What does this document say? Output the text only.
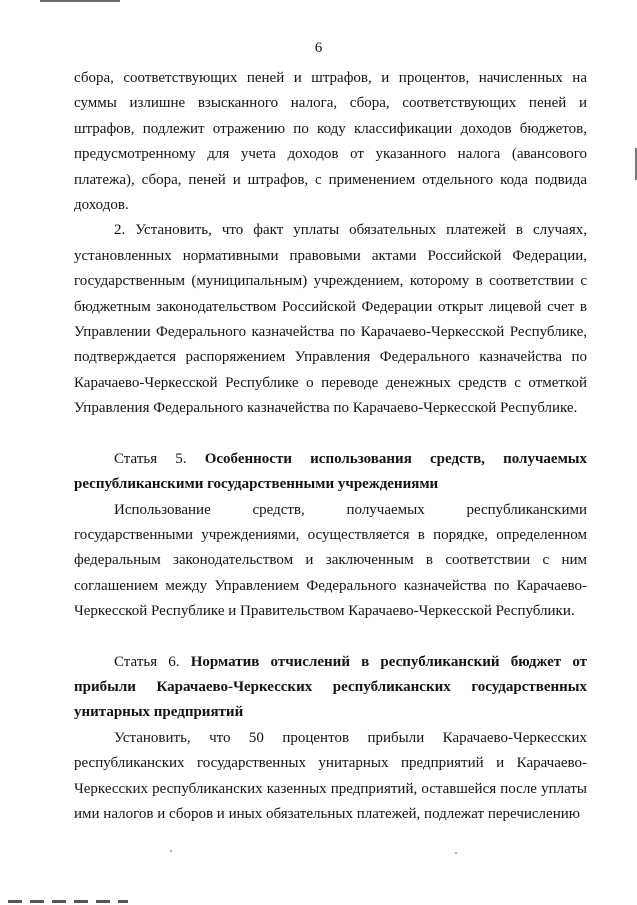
6

сбора, соответствующих пеней и штрафов, и процентов, начисленных на суммы излишне взысканного налога, сбора, соответствующих пеней и штрафов, подлежит отражению по коду классификации доходов бюджетов, предусмотренному для учета доходов от указанного налога (авансового платежа), сбора, пеней и штрафов, с применением отдельного кода подвида доходов.

2. Установить, что факт уплаты обязательных платежей в случаях, установленных нормативными правовыми актами Российской Федерации, государственным (муниципальным) учреждением, которому в соответствии с бюджетным законодательством Российской Федерации открыт лицевой счет в Управлении Федерального казначейства по Карачаево-Черкесской Республике, подтверждается распоряжением Управления Федерального казначейства по Карачаево-Черкесской Республике о переводе денежных средств с отметкой Управления Федерального казначейства по Карачаево-Черкесской Республике.

Статья 5. Особенности использования средств, получаемых республиканскими государственными учреждениями

Использование средств, получаемых республиканскими государственными учреждениями, осуществляется в порядке, определенном федеральным законодательством и заключенным в соответствии с ним соглашением между Управлением Федерального казначейства по Карачаево-Черкесской Республике и Правительством Карачаево-Черкесской Республики.

Статья 6. Норматив отчислений в республиканский бюджет от прибыли Карачаево-Черкесских республиканских государственных унитарных предприятий

Установить, что 50 процентов прибыли Карачаево-Черкесских республиканских государственных унитарных предприятий и Карачаево-Черкесских республиканских казенных предприятий, оставшейся после уплаты ими налогов и сборов и иных обязательных платежей, подлежат перечислению
